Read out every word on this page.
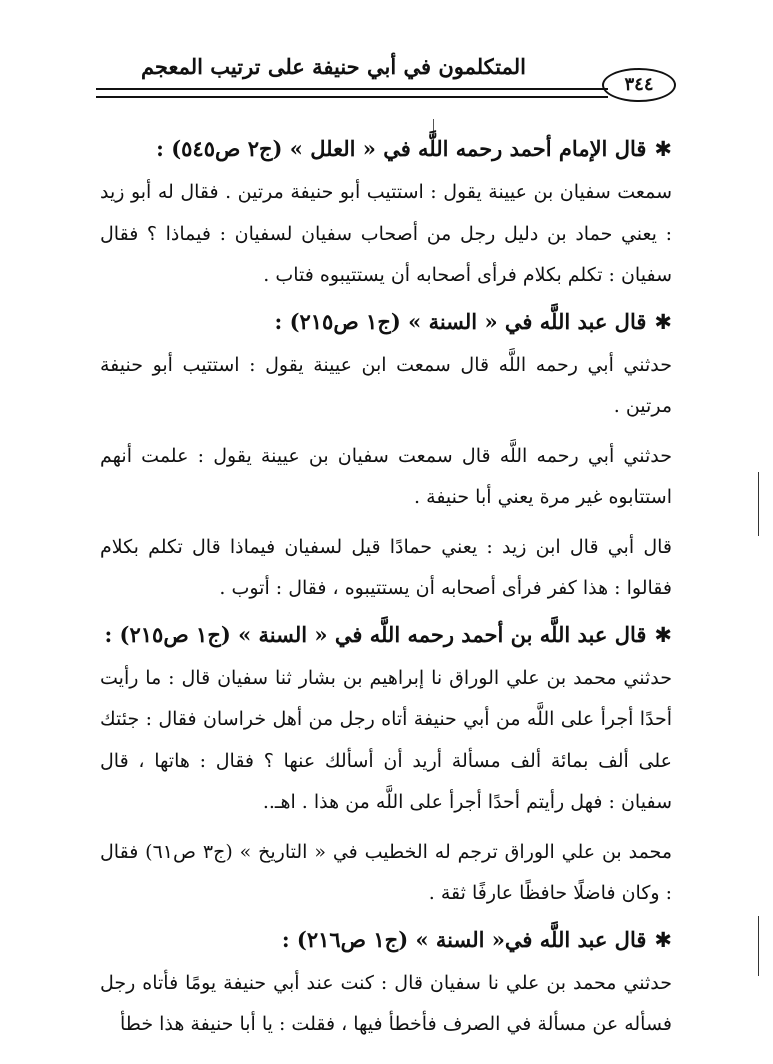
المتكلمون في أبي حنيفة على ترتيب المعجم
٣٤٤
✱قال الإمام أحمد رحمه اللَّه في « العلل » (ج٢ ص٥٤٥) :

سمعت سفيان بن عيينة يقول : استتيب أبو حنيفة مرتين . فقال له أبو زيد : يعني حماد بن دليل رجل من أصحاب سفيان لسفيان : فيماذا ؟ فقال سفيان : تكلم بكلام فرأى أصحابه أن يستتيبوه فتاب .

✱قال عبد اللَّه في « السنة » (ج١ ص٢١٥) :

حدثني أبي رحمه اللَّه قال سمعت ابن عيينة يقول : استتيب أبو حنيفة مرتين .

حدثني أبي رحمه اللَّه قال سمعت سفيان بن عيينة يقول : علمت أنهم استتابوه غير مرة يعني أبا حنيفة .

قال أبي قال ابن زيد : يعني حمادًا قيل لسفيان فيماذا قال تكلم بكلام فقالوا : هذا كفر فرأى أصحابه أن يستتيبوه ، فقال : أتوب .

✱قال عبد اللَّه بن أحمد رحمه اللَّه في « السنة » (ج١ ص٢١٥) :

حدثني محمد بن علي الوراق نا إبراهيم بن بشار ثنا سفيان قال : ما رأيت أحدًا أجرأ على اللَّه من أبي حنيفة أتاه رجل من أهل خراسان فقال : جئتك على ألف بمائة ألف مسألة أريد أن أسألك عنها ؟ فقال : هاتها ، قال سفيان : فهل رأيتم أحدًا أجرأ على اللَّه من هذا . اهـ..

محمد بن علي الوراق ترجم له الخطيب في « التاريخ » (ج٣ ص٦١) فقال : وكان فاضلًا حافظًا عارفًا ثقة .

✱قال عبد اللَّه في« السنة » (ج١ ص٢١٦) :

حدثني محمد بن علي نا سفيان قال : كنت عند أبي حنيفة يومًا فأتاه رجل فسأله عن مسألة في الصرف فأخطأ فيها ، فقلت : يا أبا حنيفة هذا خطأ
